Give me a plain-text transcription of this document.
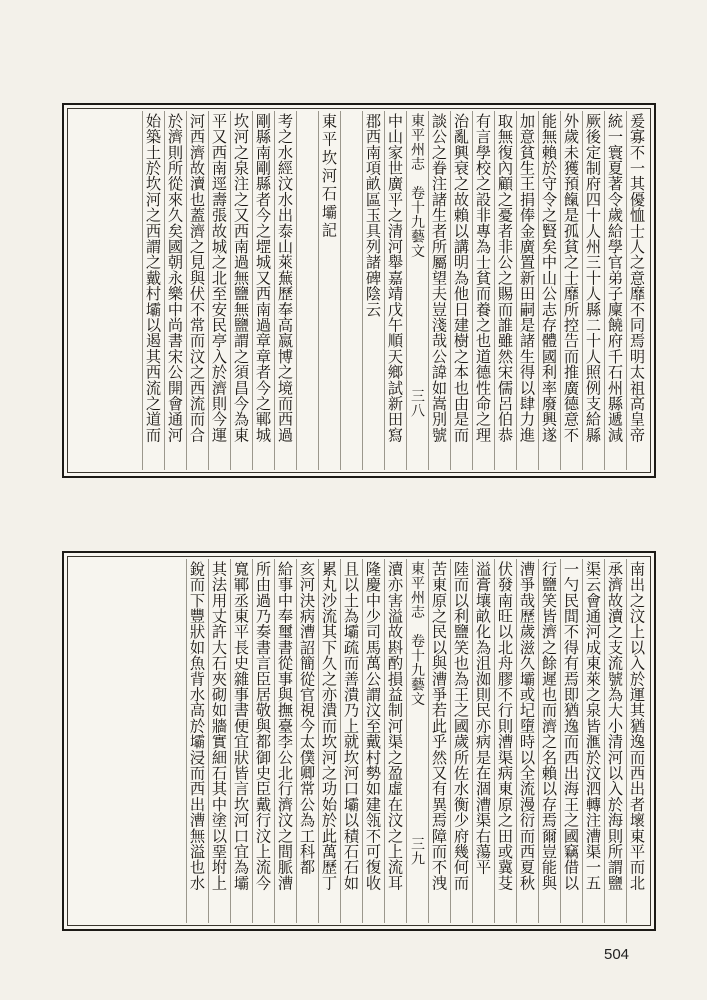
爰寡不一其優恤士人之意靡不同焉明太祖高皇帝
統一寰夏著令歲給學官弟子廩饒府千石州縣遞減
厥後定制府四十人州三十人縣二十人照例支給縣
外歲未獲預餼是孤貧之士靡所控告而推廣德意不
能無賴於守令之賢矣中山公志存體國利率廢興遂
加意貧生王捐俸金廣置新田嗣是諸生得以肆力進
取無復內顧之憂者非公之賜而誰雖然宋儒呂伯恭
有言學校之設非專為士貧而養之也道德性命之理
治亂興衰之故賴以講明為他日建樹之本也由是而
談公之眷注諸生者所屬望夫豈淺哉公諱如嵩別號
東平州志　卷十九藝文　　　　　　　　　三八
中山家世廣平之清河舉嘉靖戊午順天鄉試新田寫
郡西南項畝區玉具列諸碑陰云
東平坎河石壩記
考之水經汶水出泰山萊蕪歷奉高嬴博之境而西過
剛縣南剛縣者今之堽城又西南過章章者今之鄆城
坎河之泉注之又西南過無鹽無鹽謂之須昌今為東
平又西南逕壽張故城之北至安民亭入於濟則今運
河西濟故瀆也蓋濟之見與伏不常而汶之西流而合
於濟則所從來久矣國朝永樂中尚書宋公開會通河
始築土於坎河之西謂之戴村壩以遏其西流之道而
南出之汶上以入於運其猶逸而西出者壞東平而北
承濟故瀆之支流號為大小清河以入於海則所謂鹽
渠云會通河成東萊之泉皆滙於汶泗轉注漕渠一五
一勺民間不得有焉即猶逸而西出海王之國竊借以
行鹽笑皆濟之餘遲也而濟之名賴以存焉爾豈能與
漕爭哉歷歲滋久壩或圮墮時以全流漫衍而西夏秋
伏發南旺以北舟膠不行則漕渠病東原之田或冀芟
溢膏壤畝化為沮洳則民亦病是在涸漕渠右蕩平
陸而以利鹽笑也為王之國歲所佐水衡少府幾何而
苦東原之民以與漕爭若此乎然又有異焉障而不洩
東平州志　卷十九藝文　　　　　　　　　三九
瀆亦害溢故斟酌損益制河渠之盈虛在汶之上流耳
隆慶中少司馬萬公謂汶至戴村勢如建瓴不可復收
且以土為壩疏而善潰乃上就坎河口壩以積石石如
累丸沙流其下久之亦潰而坎河之功始於此萬歷丁
亥河決病漕詔簡從官視今太僕卿常公為工科都
給事中奉璽書從事與撫臺李公北行濟汶之間脈漕
所由過乃奏書言臣居敬與都御史臣戴行汶上流今
寬鄆丞東平長史雜事書便宜狀皆言坎河口宜為壩
其法用丈許大石夾砌如牆實細石其中塗以堊坿上
銳而下豐狀如魚背水高於壩浸而西出漕無溢也水
504
